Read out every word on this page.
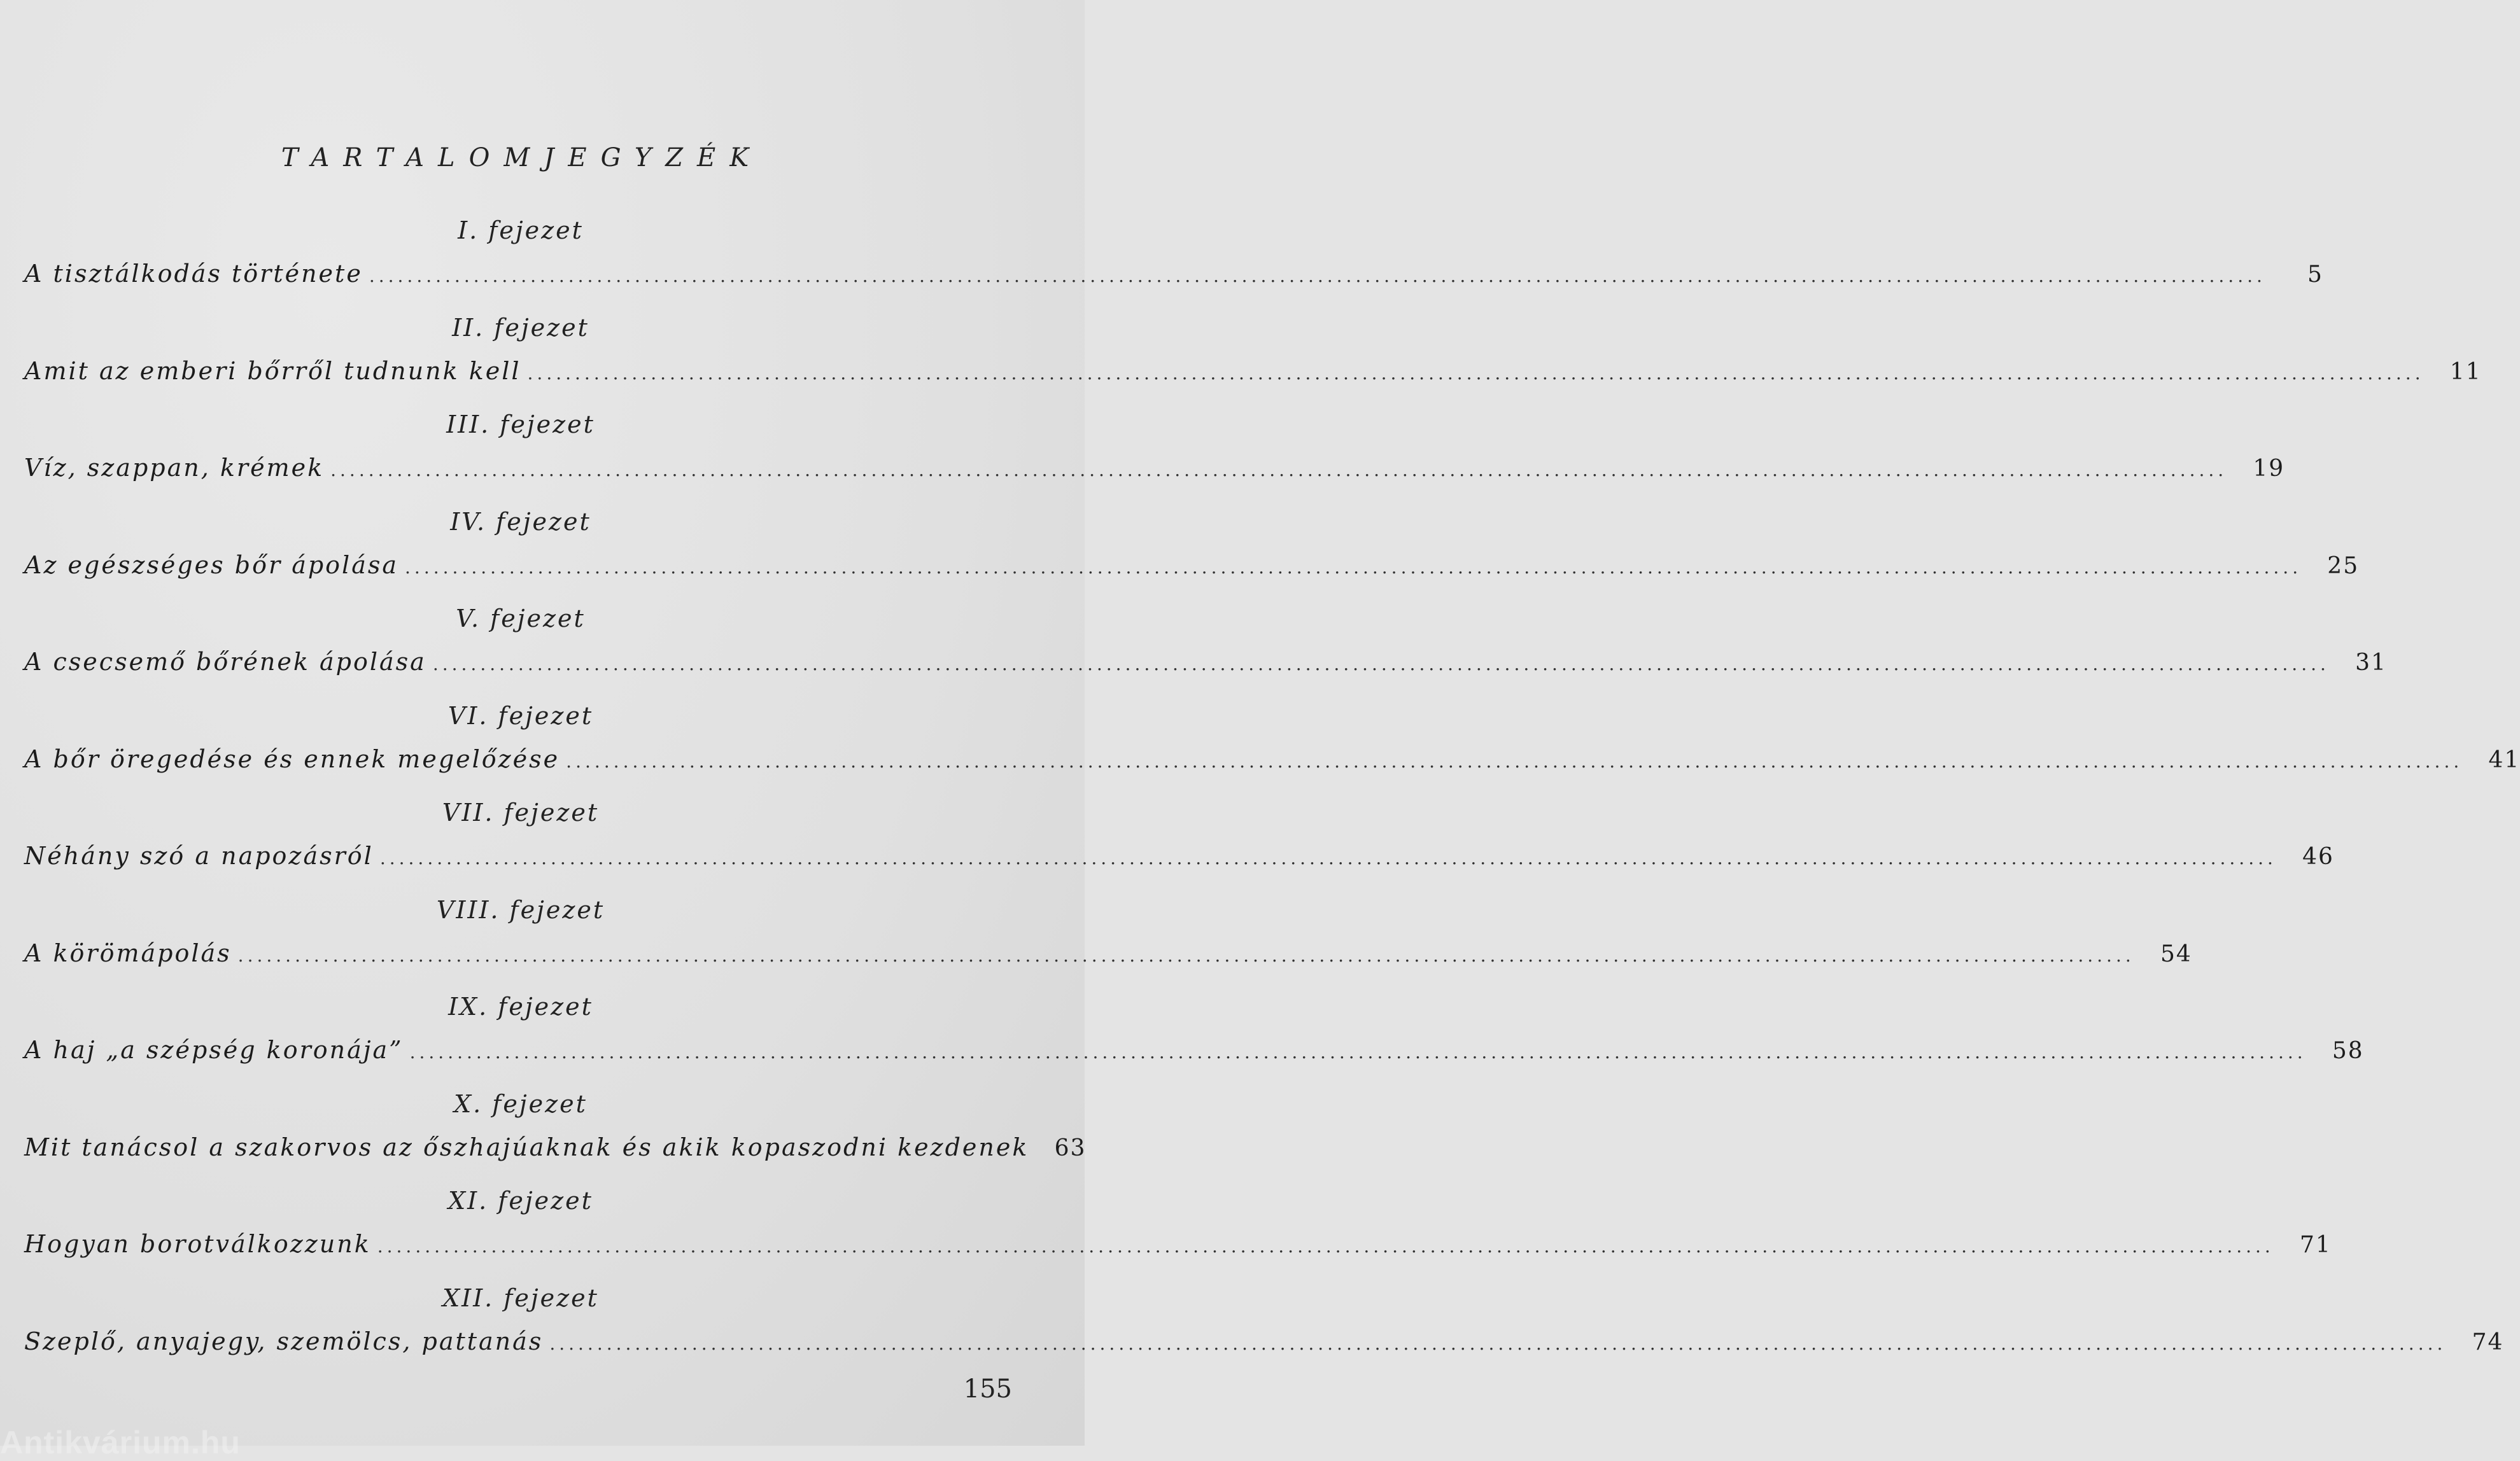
TARTALOMJEGYZÉK
I. fejezet
A tisztálkodás története ........................................................................................................................................................................................................	5
II. fejezet
Amit az emberi bőrről tudnunk kell ........................................................................................................................................................................................................	11
III. fejezet
Víz, szappan, krémek ........................................................................................................................................................................................................	19
IV. fejezet
Az egészséges bőr ápolása ........................................................................................................................................................................................................	25
V. fejezet
A csecsemő bőrének ápolása ........................................................................................................................................................................................................	31
VI. fejezet
A bőr öregedése és ennek megelőzése ........................................................................................................................................................................................................	41
VII. fejezet
Néhány szó a napozásról ........................................................................................................................................................................................................	46
VIII. fejezet
A körömápolás ........................................................................................................................................................................................................	54
IX. fejezet
A haj „a szépség koronája” ........................................................................................................................................................................................................	58
X. fejezet
Mit tanácsol a szakorvos az őszhajúaknak és akik kopaszodni kezdenek	63
XI. fejezet
Hogyan borotválkozzunk ........................................................................................................................................................................................................	71
XII. fejezet
Szeplő, anyajegy, szemölcs, pattanás ........................................................................................................................................................................................................	74
155
Antikvárium.hu
